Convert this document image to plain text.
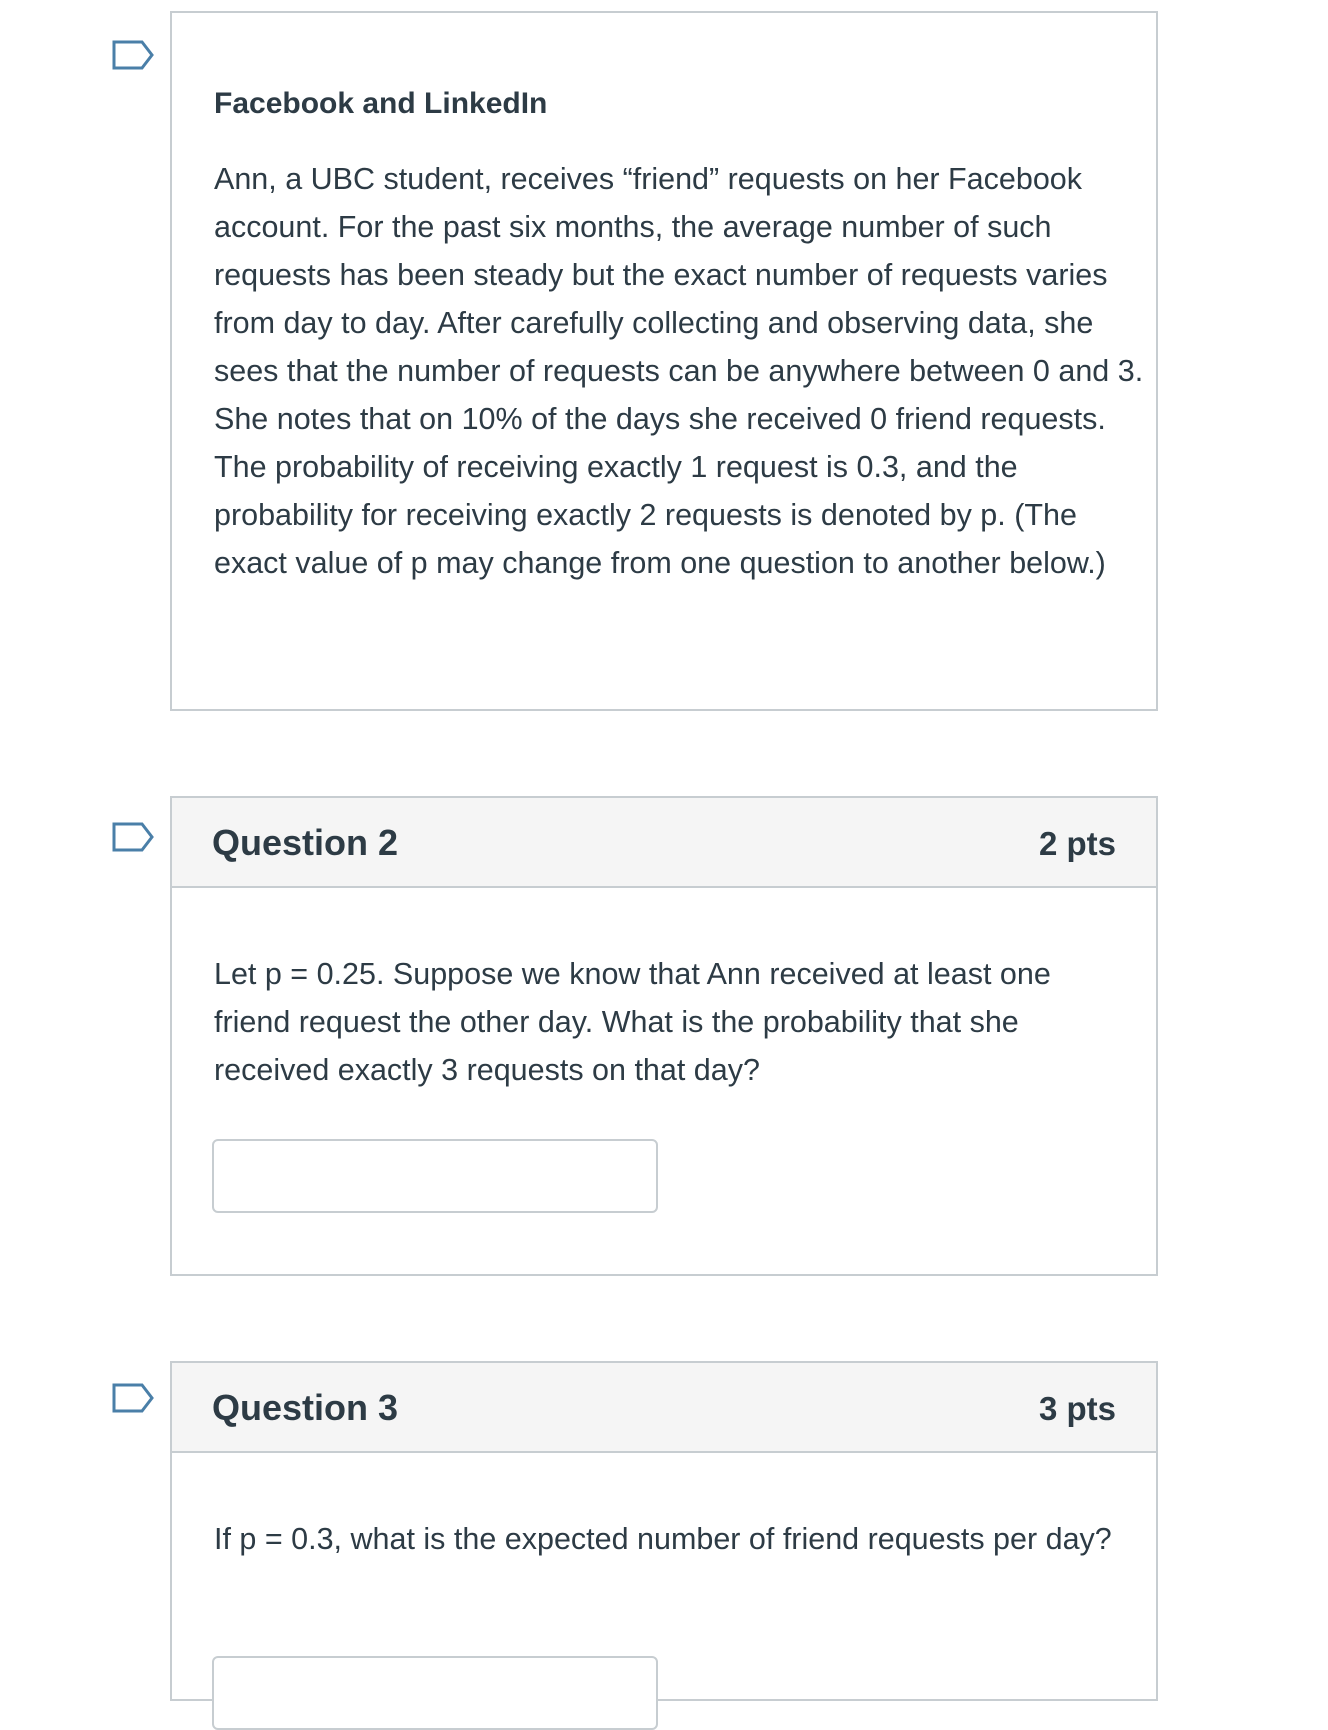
Facebook and LinkedIn
Ann, a UBC student, receives “friend” requests on her Facebook account. For the past six months, the average number of such requests has been steady but the exact number of requests varies from day to day. After carefully collecting and observing data, she sees that the number of requests can be anywhere between 0 and 3. She notes that on 10% of the days she received 0 friend requests. The probability of receiving exactly 1 request is 0.3, and the probability for receiving exactly 2 requests is denoted by p. (The exact value of p may change from one question to another below.)
Question 2	2 pts
Let p = 0.25. Suppose we know that Ann received at least one friend request the other day. What is the probability that she received exactly 3 requests on that day?
Question 3	3 pts
If p = 0.3, what is the expected number of friend requests per day?
